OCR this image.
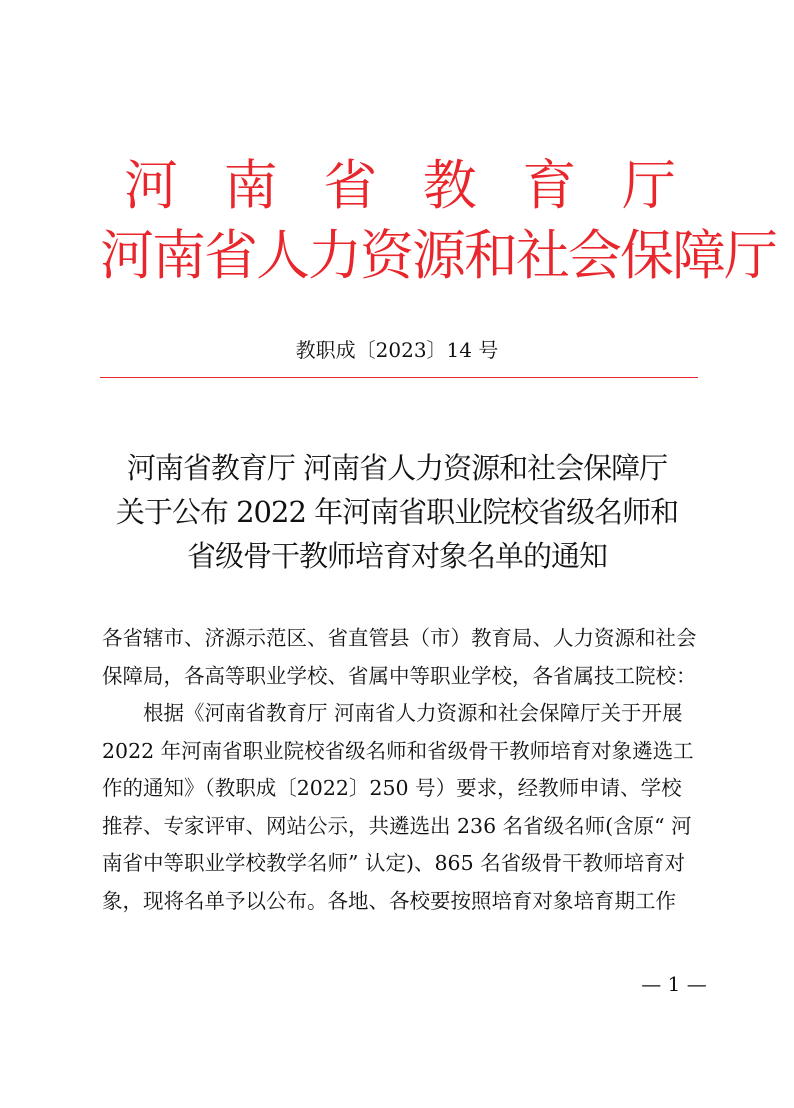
河 南 省 教 育 厅
河南省人力资源和社会保障厅
教职成〔2023〕14 号
河南省教育厅 河南省人力资源和社会保障厅
关于公布 2022 年河南省职业院校省级名师和
省级骨干教师培育对象名单的通知

各省辖市、济源示范区、省直管县（市）教育局、人力资源和社会

保障局，各高等职业学校、省属中等职业学校，各省属技工院校：

根据《河南省教育厅 河南省人力资源和社会保障厅关于开展

2022 年河南省职业院校省级名师和省级骨干教师培育对象遴选工

作的通知》（教职成〔2022〕250 号）要求，经教师申请、学校

推荐、专家评审、网站公示，共遴选出 236 名省级名师(含原“ 河

南省中等职业学校教学名师” 认定)、865 名省级骨干教师培育对

象，现将名单予以公布。各地、各校要按照培育对象培育期工作

— 1 —
